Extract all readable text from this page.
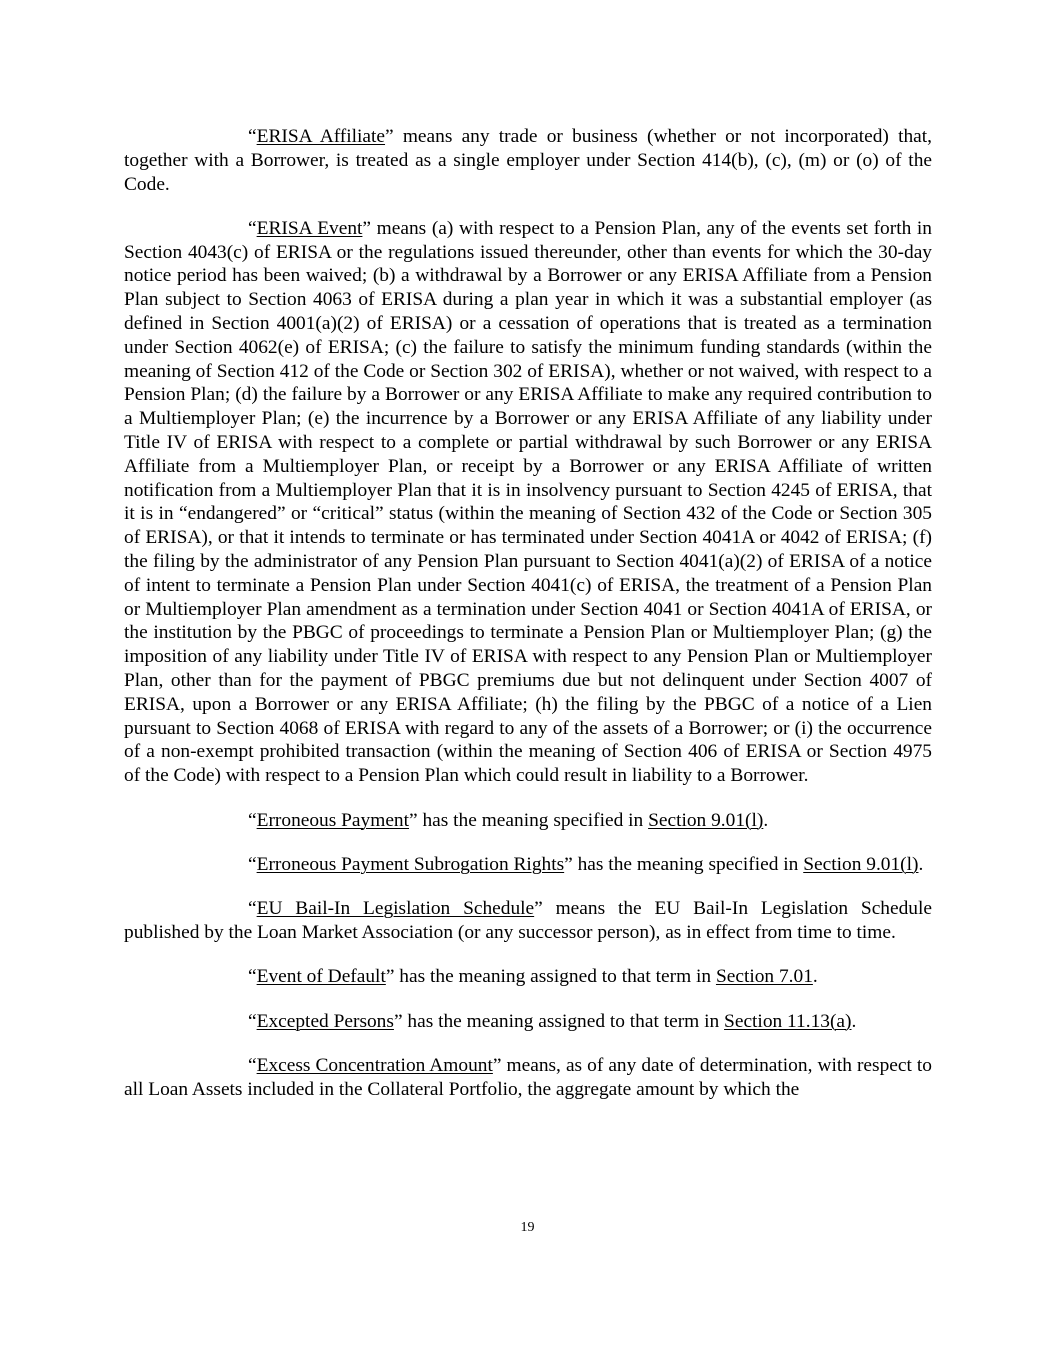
“ERISA Affiliate” means any trade or business (whether or not incorporated) that, together with a Borrower, is treated as a single employer under Section 414(b), (c), (m) or (o) of the Code.

“ERISA Event” means (a) with respect to a Pension Plan, any of the events set forth in Section 4043(c) of ERISA or the regulations issued thereunder, other than events for which the 30-day notice period has been waived; (b) a withdrawal by a Borrower or any ERISA Affiliate from a Pension Plan subject to Section 4063 of ERISA during a plan year in which it was a substantial employer (as defined in Section 4001(a)(2) of ERISA) or a cessation of operations that is treated as a termination under Section 4062(e) of ERISA; (c) the failure to satisfy the minimum funding standards (within the meaning of Section 412 of the Code or Section 302 of ERISA), whether or not waived, with respect to a Pension Plan; (d) the failure by a Borrower or any ERISA Affiliate to make any required contribution to a Multiemployer Plan; (e) the incurrence by a Borrower or any ERISA Affiliate of any liability under Title IV of ERISA with respect to a complete or partial withdrawal by such Borrower or any ERISA Affiliate from a Multiemployer Plan, or receipt by a Borrower or any ERISA Affiliate of written notification from a Multiemployer Plan that it is in insolvency pursuant to Section 4245 of ERISA, that it is in “endangered” or “critical” status (within the meaning of Section 432 of the Code or Section 305 of ERISA), or that it intends to terminate or has terminated under Section 4041A or 4042 of ERISA; (f) the filing by the administrator of any Pension Plan pursuant to Section 4041(a)(2) of ERISA of a notice of intent to terminate a Pension Plan under Section 4041(c) of ERISA, the treatment of a Pension Plan or Multiemployer Plan amendment as a termination under Section 4041 or Section 4041A of ERISA, or the institution by the PBGC of proceedings to terminate a Pension Plan or Multiemployer Plan; (g) the imposition of any liability under Title IV of ERISA with respect to any Pension Plan or Multiemployer Plan, other than for the payment of PBGC premiums due but not delinquent under Section 4007 of ERISA, upon a Borrower or any ERISA Affiliate; (h) the filing by the PBGC of a notice of a Lien pursuant to Section 4068 of ERISA with regard to any of the assets of a Borrower; or (i) the occurrence of a non-exempt prohibited transaction (within the meaning of Section 406 of ERISA or Section 4975 of the Code) with respect to a Pension Plan which could result in liability to a Borrower.

“Erroneous Payment” has the meaning specified in Section 9.01(l).

“Erroneous Payment Subrogation Rights” has the meaning specified in Section 9.01(l).

“EU Bail-In Legislation Schedule” means the EU Bail-In Legislation Schedule published by the Loan Market Association (or any successor person), as in effect from time to time.

“Event of Default” has the meaning assigned to that term in Section 7.01.

“Excepted Persons” has the meaning assigned to that term in Section 11.13(a).

“Excess Concentration Amount” means, as of any date of determination, with respect to all Loan Assets included in the Collateral Portfolio, the aggregate amount by which the

19
